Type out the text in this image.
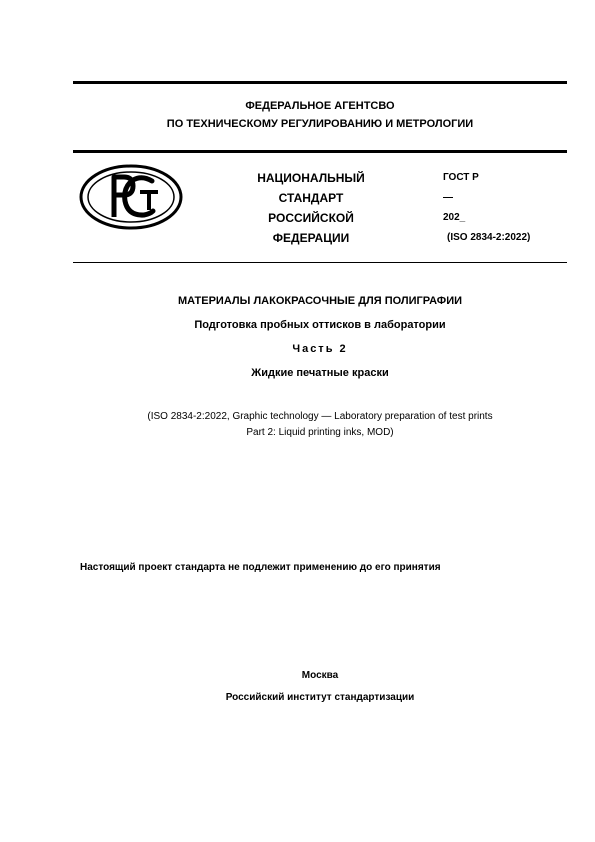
ФЕДЕРАЛЬНОЕ АГЕНТСВО
ПО ТЕХНИЧЕСКОМУ РЕГУЛИРОВАНИЮ И МЕТРОЛОГИИ
НАЦИОНАЛЬНЫЙ
СТАНДАРТ
РОССИЙСКОЙ
ФЕДЕРАЦИИ
ГОСТ Р
—
202_
(ISO 2834-2:2022)
МАТЕРИАЛЫ ЛАКОКРАСОЧНЫЕ ДЛЯ ПОЛИГРАФИИ
Подготовка пробных оттисков в лаборатории
Часть 2
Жидкие печатные краски
(ISO 2834-2:2022, Graphic technology — Laboratory preparation of test prints
Part 2: Liquid printing inks, MOD)
Настоящий проект стандарта не подлежит применению до его принятия
Москва
Российский институт стандартизации
